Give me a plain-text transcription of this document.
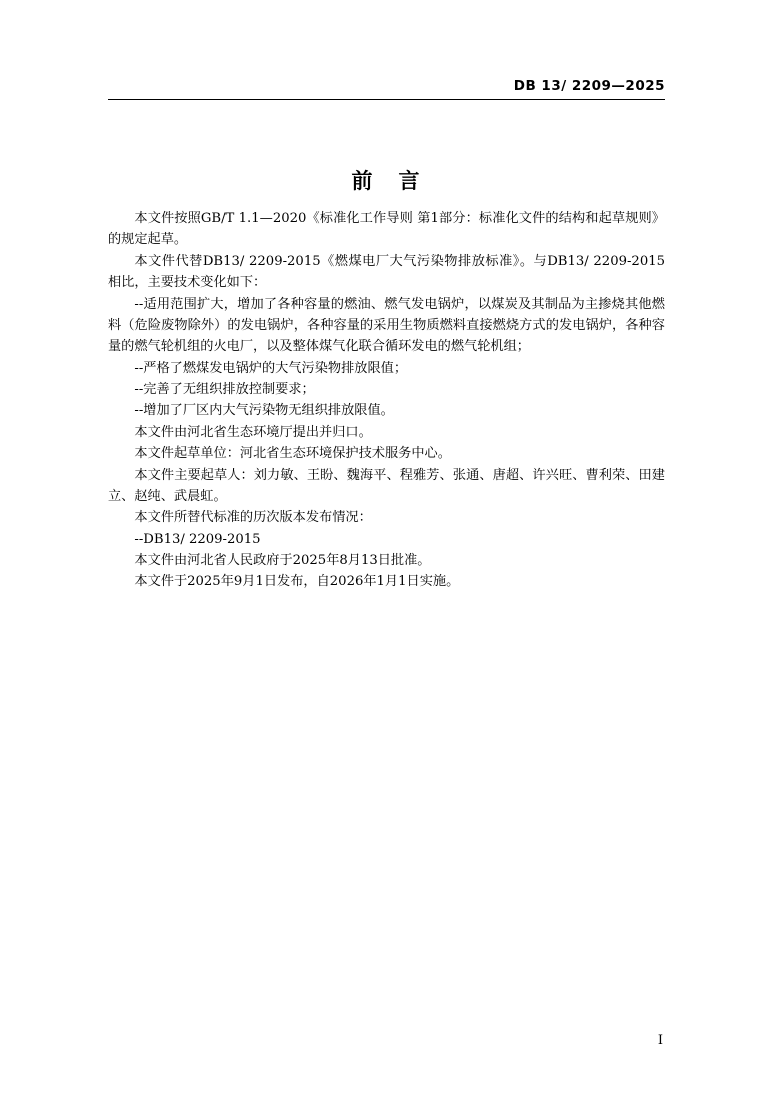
DB 13/ 2209—2025
前 言

本文件按照GB/T 1.1—2020《标准化工作导则 第1部分：标准化文件的结构和起草规则》的规定起草。

本文件代替DB13/ 2209-2015《燃煤电厂大气污染物排放标准》。与DB13/ 2209-2015相比，主要技术变化如下：

--适用范围扩大，增加了各种容量的燃油、燃气发电锅炉，以煤炭及其制品为主掺烧其他燃料（危险废物除外）的发电锅炉，各种容量的采用生物质燃料直接燃烧方式的发电锅炉，各种容量的燃气轮机组的火电厂，以及整体煤气化联合循环发电的燃气轮机组；

--严格了燃煤发电锅炉的大气污染物排放限值；

--完善了无组织排放控制要求；

--增加了厂区内大气污染物无组织排放限值。

本文件由河北省生态环境厅提出并归口。

本文件起草单位：河北省生态环境保护技术服务中心。

本文件主要起草人：刘力敏、王盼、魏海平、程雅芳、张通、唐超、许兴旺、曹利荣、田建立、赵纯、武晨虹。

本文件所替代标准的历次版本发布情况：

--DB13/ 2209-2015

本文件由河北省人民政府于2025年8月13日批准。

本文件于2025年9月1日发布，自2026年1月1日实施。

I
